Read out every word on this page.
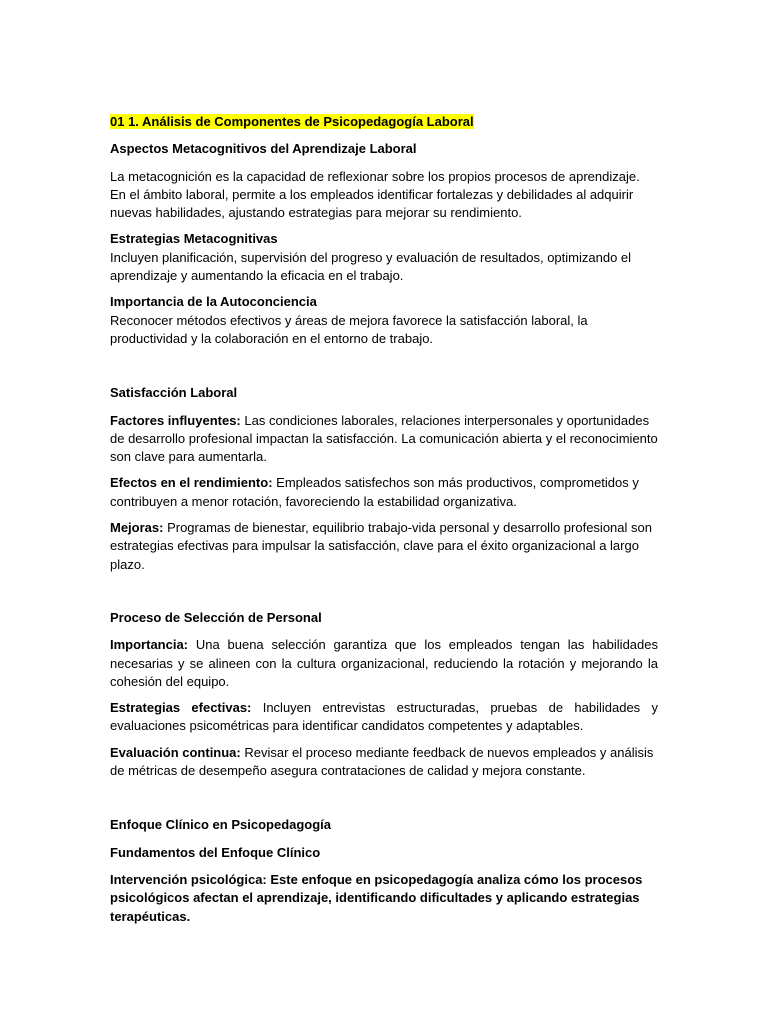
01 1. Análisis de Componentes de Psicopedagogía Laboral

Aspectos Metacognitivos del Aprendizaje Laboral

La metacognición es la capacidad de reflexionar sobre los propios procesos de aprendizaje. En el ámbito laboral, permite a los empleados identificar fortalezas y debilidades al adquirir nuevas habilidades, ajustando estrategias para mejorar su rendimiento.

Estrategias Metacognitivas
Incluyen planificación, supervisión del progreso y evaluación de resultados, optimizando el aprendizaje y aumentando la eficacia en el trabajo.
Importancia de la Autoconciencia
Reconocer métodos efectivos y áreas de mejora favorece la satisfacción laboral, la productividad y la colaboración en el entorno de trabajo.

Satisfacción Laboral

Factores influyentes: Las condiciones laborales, relaciones interpersonales y oportunidades de desarrollo profesional impactan la satisfacción. La comunicación abierta y el reconocimiento son clave para aumentarla.

Efectos en el rendimiento: Empleados satisfechos son más productivos, comprometidos y contribuyen a menor rotación, favoreciendo la estabilidad organizativa.

Mejoras: Programas de bienestar, equilibrio trabajo-vida personal y desarrollo profesional son estrategias efectivas para impulsar la satisfacción, clave para el éxito organizacional a largo plazo.

Proceso de Selección de Personal

Importancia: Una buena selección garantiza que los empleados tengan las habilidades necesarias y se alineen con la cultura organizacional, reduciendo la rotación y mejorando la cohesión del equipo.

Estrategias efectivas: Incluyen entrevistas estructuradas, pruebas de habilidades y evaluaciones psicométricas para identificar candidatos competentes y adaptables.

Evaluación continua: Revisar el proceso mediante feedback de nuevos empleados y análisis de métricas de desempeño asegura contrataciones de calidad y mejora constante.

Enfoque Clínico en Psicopedagogía

Fundamentos del Enfoque Clínico

Intervención psicológica: Este enfoque en psicopedagogía analiza cómo los procesos psicológicos afectan el aprendizaje, identificando dificultades y aplicando estrategias terapéuticas.
